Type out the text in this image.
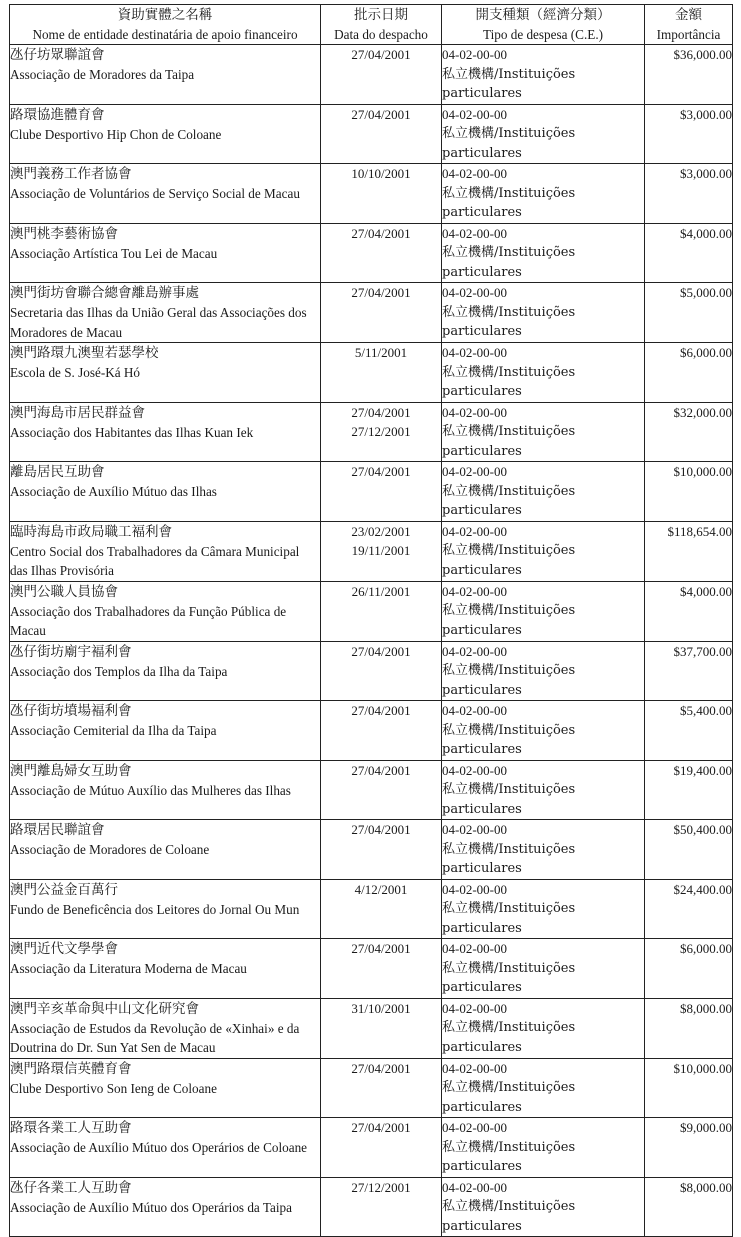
資助實體之名稱
Nome de entidade destinatária de apoio financeiro	批示日期
Data do despacho	開支種類（經濟分類）
Tipo de despesa (C.E.)	金額
Importância

氹仔坊眾聯誼會
Associação de Moradores da Taipa	27/04/2001	04-02-00-00
私立機構/Instituições particulares	$36,000.00

路環協進體育會
Clube Desportivo Hip Chon de Coloane	27/04/2001	04-02-00-00
私立機構/Instituições particulares	$3,000.00

澳門義務工作者協會
Associação de Voluntários de Serviço Social de Macau	10/10/2001	04-02-00-00
私立機構/Instituições particulares	$3,000.00

澳門桃李藝術協會
Associação Artística Tou Lei de Macau	27/04/2001	04-02-00-00
私立機構/Instituições particulares	$4,000.00

澳門街坊會聯合總會離島辦事處
Secretaria das Ilhas da União Geral das Associações dos Moradores de Macau	27/04/2001	04-02-00-00
私立機構/Instituições particulares	$5,000.00

澳門路環九澳聖若瑟學校
Escola de S. José-Ká Hó	5/11/2001	04-02-00-00
私立機構/Instituições particulares	$6,000.00

澳門海島市居民群益會
Associação dos Habitantes das Ilhas Kuan Iek	27/04/2001
27/12/2001	04-02-00-00
私立機構/Instituições particulares	$32,000.00

離島居民互助會
Associação de Auxílio Mútuo das Ilhas	27/04/2001	04-02-00-00
私立機構/Instituições particulares	$10,000.00

臨時海島市政局職工褔利會
Centro Social dos Trabalhadores da Câmara Municipal das Ilhas Provisória	23/02/2001
19/11/2001	04-02-00-00
私立機構/Instituições particulares	$118,654.00

澳門公職人員協會
Associação dos Trabalhadores da Função Pública de Macau	26/11/2001	04-02-00-00
私立機構/Instituições particulares	$4,000.00

氹仔街坊廟宇褔利會
Associação dos Templos da Ilha da Taipa	27/04/2001	04-02-00-00
私立機構/Instituições particulares	$37,700.00

氹仔街坊墳場褔利會
Associação Cemiterial da Ilha da Taipa	27/04/2001	04-02-00-00
私立機構/Instituições particulares	$5,400.00

澳門離島婦女互助會
Associação de Mútuo Auxílio das Mulheres das Ilhas	27/04/2001	04-02-00-00
私立機構/Instituições particulares	$19,400.00

路環居民聯誼會
Associação de Moradores de Coloane	27/04/2001	04-02-00-00
私立機構/Instituições particulares	$50,400.00

澳門公益金百萬行
Fundo de Beneficência dos Leitores do Jornal Ou Mun	4/12/2001	04-02-00-00
私立機構/Instituições particulares	$24,400.00

澳門近代文學學會
Associação da Literatura Moderna de Macau	27/04/2001	04-02-00-00
私立機構/Instituições particulares	$6,000.00

澳門辛亥革命與中山文化研究會
Associação de Estudos da Revolução de «Xinhai» e da Doutrina do Dr. Sun Yat Sen de Macau	31/10/2001	04-02-00-00
私立機構/Instituições particulares	$8,000.00

澳門路環信英體育會
Clube Desportivo Son Ieng de Coloane	27/04/2001	04-02-00-00
私立機構/Instituições particulares	$10,000.00

路環各業工人互助會
Associação de Auxílio Mútuo dos Operários de Coloane	27/04/2001	04-02-00-00
私立機構/Instituições particulares	$9,000.00

氹仔各業工人互助會
Associação de Auxílio Mútuo dos Operários da Taipa	27/12/2001	04-02-00-00
私立機構/Instituições particulares	$8,000.00
